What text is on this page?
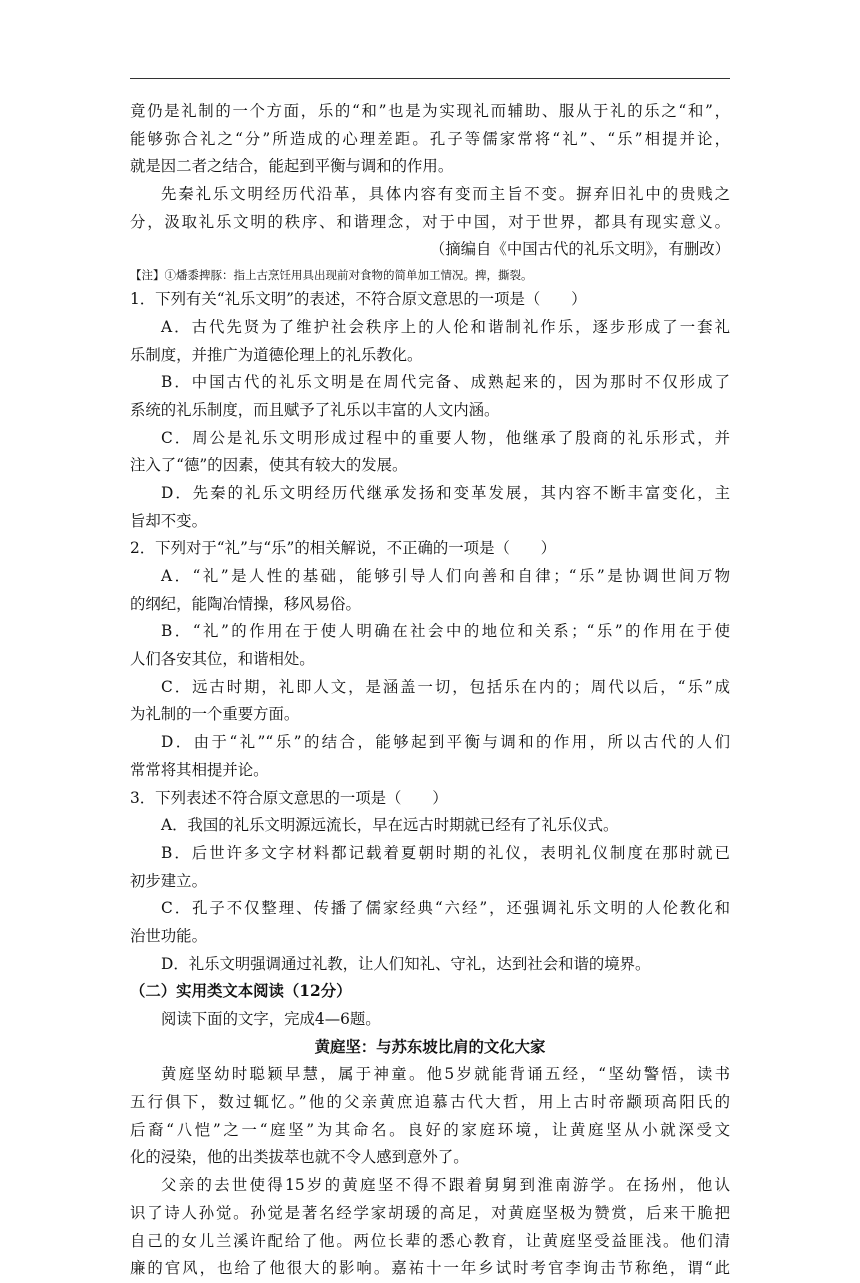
竟仍是礼制的一个方面，乐的“和”也是为实现礼而辅助、服从于礼的乐之“和”，
能够弥合礼之“分”所造成的心理差距。孔子等儒家常将“礼”、“乐”相提并论，
就是因二者之结合，能起到平衡与调和的作用。
先秦礼乐文明经历代沿革，具体内容有变而主旨不变。摒弃旧礼中的贵贱之
分，汲取礼乐文明的秩序、和谐理念，对于中国，对于世界，都具有现实意义。
（摘编自《中国古代的礼乐文明》，有删改）
【注】①燔黍捭豚：指上古烹饪用具出现前对食物的简单加工情况。捭，撕裂。
1．下列有关“礼乐文明”的表述，不符合原文意思的一项是（　　）
A．古代先贤为了维护社会秩序上的人伦和谐制礼作乐，逐步形成了一套礼
乐制度，并推广为道德伦理上的礼乐教化。
B．中国古代的礼乐文明是在周代完备、成熟起来的，因为那时不仅形成了
系统的礼乐制度，而且赋予了礼乐以丰富的人文内涵。
C．周公是礼乐文明形成过程中的重要人物，他继承了殷商的礼乐形式，并
注入了“德”的因素，使其有较大的发展。
D．先秦的礼乐文明经历代继承发扬和变革发展，其内容不断丰富变化，主
旨却不变。
2．下列对于“礼”与“乐”的相关解说，不正确的一项是（　　）
A．“礼”是人性的基础，能够引导人们向善和自律；“乐”是协调世间万物
的纲纪，能陶冶情操，移风易俗。
B．“礼”的作用在于使人明确在社会中的地位和关系；“乐”的作用在于使
人们各安其位，和谐相处。
C．远古时期，礼即人文，是涵盖一切，包括乐在内的；周代以后，“乐”成
为礼制的一个重要方面。
D．由于“礼”“乐”的结合，能够起到平衡与调和的作用，所以古代的人们
常常将其相提并论。
3．下列表述不符合原文意思的一项是（　　）
A．我国的礼乐文明源远流长，早在远古时期就已经有了礼乐仪式。
B．后世许多文字材料都记载着夏朝时期的礼仪，表明礼仪制度在那时就已
初步建立。
C．孔子不仅整理、传播了儒家经典“六经”，还强调礼乐文明的人伦教化和
治世功能。
D．礼乐文明强调通过礼教，让人们知礼、守礼，达到社会和谐的境界。
（二）实用类文本阅读（12分）
阅读下面的文字，完成4—6题。
黄庭坚：与苏东坡比肩的文化大家
黄庭坚幼时聪颖早慧，属于神童。他5岁就能背诵五经，“坚幼警悟，读书
五行俱下，数过辄忆。”他的父亲黄庶追慕古代大哲，用上古时帝颛顼高阳氏的
后裔“八恺”之一“庭坚”为其命名。良好的家庭环境，让黄庭坚从小就深受文
化的浸染，他的出类拔萃也就不令人感到意外了。
父亲的去世使得15岁的黄庭坚不得不跟着舅舅到淮南游学。在扬州，他认
识了诗人孙觉。孙觉是著名经学家胡瑗的高足，对黄庭坚极为赞赏，后来干脆把
自己的女儿兰溪许配给了他。两位长辈的悉心教育，让黄庭坚受益匪浅。他们清
廉的官风，也给了他很大的影响。嘉祐十一年乡试时考官李询击节称绝，谓“此
